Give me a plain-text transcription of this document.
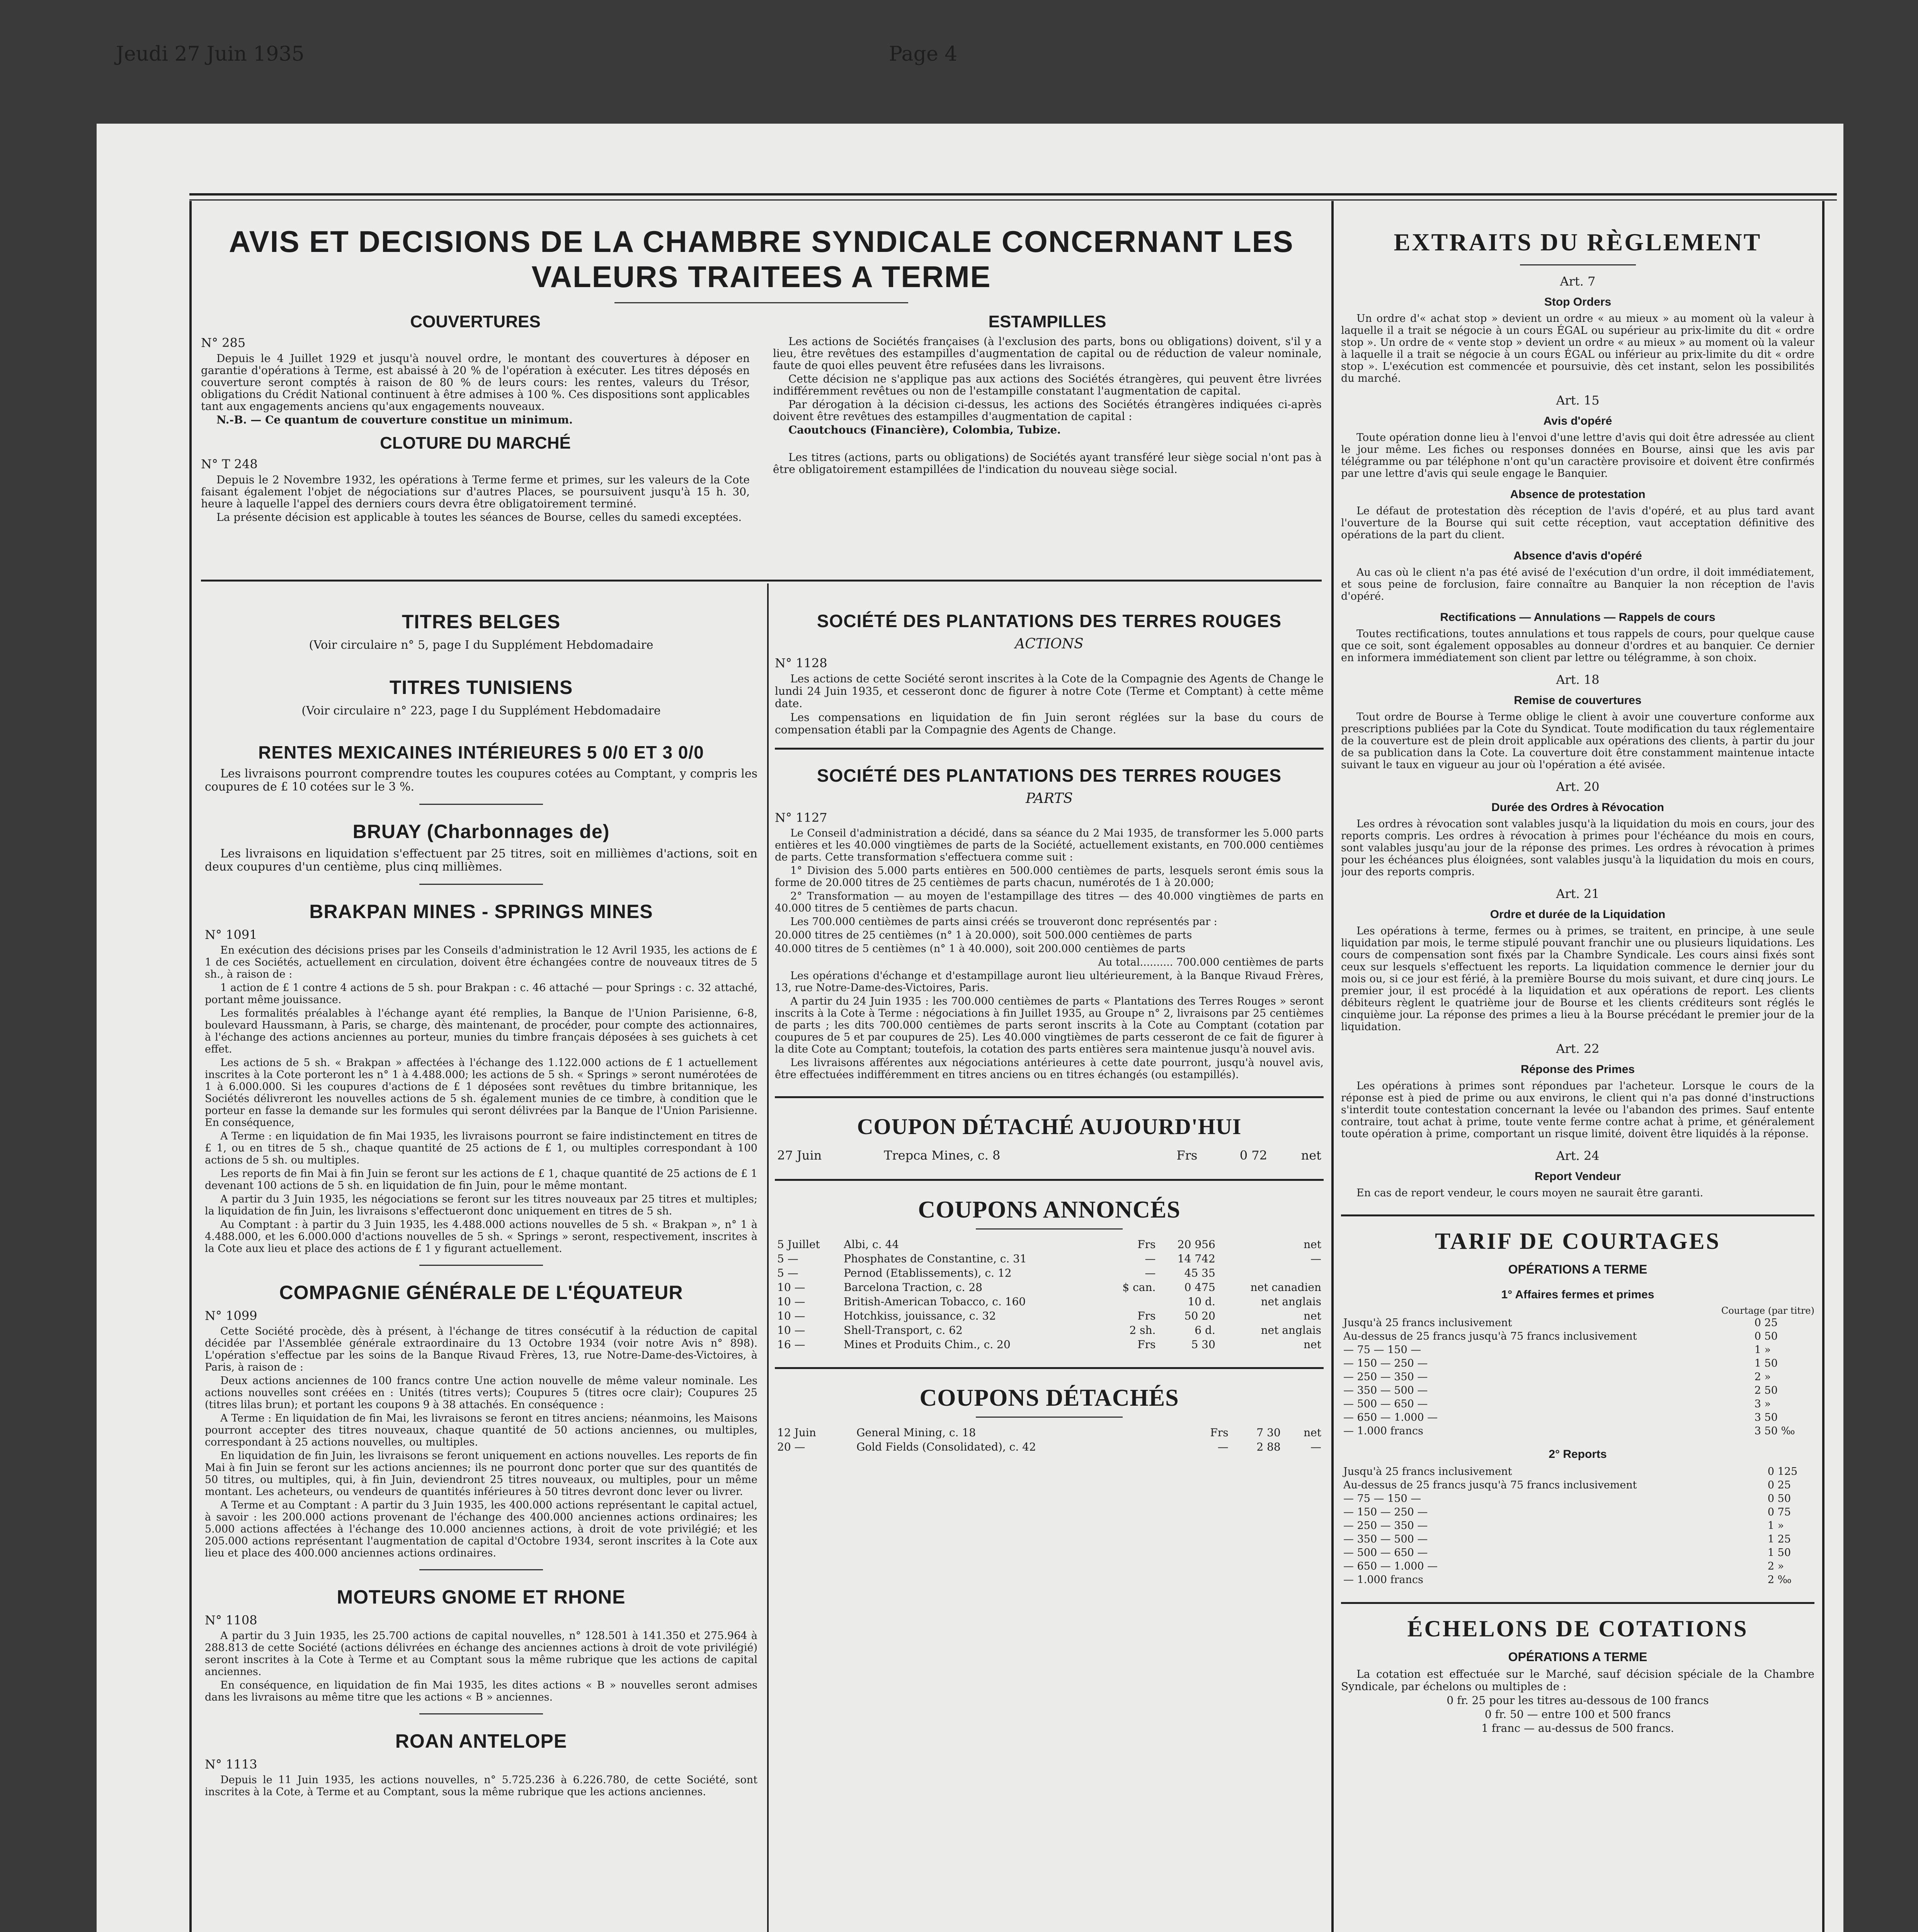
Jeudi 27 Juin 1935	Page 4
AVIS ET DECISIONS DE LA CHAMBRE SYNDICALE CONCERNANT LES VALEURS TRAITEES A TERME
COUVERTURES
N° 285
Depuis le 4 Juillet 1929 et jusqu'à nouvel ordre, le montant des couvertures à déposer en garantie d'opérations à Terme, est abaissé à 20 % de l'opération à exécuter. Les titres déposés en couverture seront comptés à raison de 80 % de leurs cours: les rentes, valeurs du Trésor, obligations du Crédit National continuent à être admises à 100 %. Ces dispositions sont applicables tant aux engagements anciens qu'aux engagements nouveaux.
N.-B. — Ce quantum de couverture constitue un minimum.
CLOTURE DU MARCHÉ
N° T 248
Depuis le 2 Novembre 1932, les opérations à Terme ferme et primes, sur les valeurs de la Cote faisant également l'objet de négociations sur d'autres Places, se poursuivent jusqu'à 15 h. 30, heure à laquelle l'appel des derniers cours devra être obligatoirement terminé.
La présente décision est applicable à toutes les séances de Bourse, celles du samedi exceptées.
ESTAMPILLES
Les actions de Sociétés françaises (à l'exclusion des parts, bons ou obligations) doivent, s'il y a lieu, être revêtues des estampilles d'augmentation de capital ou de réduction de valeur nominale, faute de quoi elles peuvent être refusées dans les livraisons.
Cette décision ne s'applique pas aux actions des Sociétés étrangères, qui peuvent être livrées indifféremment revêtues ou non de l'estampille constatant l'augmentation de capital.
Par dérogation à la décision ci-dessus, les actions des Sociétés étrangères indiquées ci-après doivent être revêtues des estampilles d'augmentation de capital :
Caoutchoucs (Financière), Colombia, Tubize.
Les titres (actions, parts ou obligations) de Sociétés ayant transféré leur siège social n'ont pas à être obligatoirement estampillées de l'indication du nouveau siège social.
TITRES BELGES
(Voir circulaire n° 5, page I du Supplément Hebdomadaire
TITRES TUNISIENS
(Voir circulaire n° 223, page I du Supplément Hebdomadaire
RENTES MEXICAINES INTÉRIEURES 5 0/0 ET 3 0/0
Les livraisons pourront comprendre toutes les coupures cotées au Comptant, y compris les coupures de £ 10 cotées sur le 3 %.
BRUAY (Charbonnages de)
Les livraisons en liquidation s'effectuent par 25 titres, soit en millièmes d'actions, soit en deux coupures d'un centième, plus cinq millièmes.
BRAKPAN MINES - SPRINGS MINES
N° 1091
En exécution des décisions prises par les Conseils d'administration le 12 Avril 1935, les actions de £ 1 de ces Sociétés, actuellement en circulation, doivent être échangées contre de nouveaux titres de 5 sh., à raison de :
1 action de £ 1 contre 4 actions de 5 sh. pour Brakpan : c. 46 attaché — pour Springs : c. 32 attaché, portant même jouissance.
Les formalités préalables à l'échange ayant été remplies, la Banque de l'Union Parisienne, 6-8, boulevard Haussmann, à Paris, se charge, dès maintenant, de procéder, pour compte des actionnaires, à l'échange des actions anciennes au porteur, munies du timbre français déposées à ses guichets à cet effet.
Les actions de 5 sh. « Brakpan » affectées à l'échange des 1.122.000 actions de £ 1 actuellement inscrites à la Cote porteront les n° 1 à 4.488.000; les actions de 5 sh. « Springs » seront numérotées de 1 à 6.000.000. Si les coupures d'actions de £ 1 déposées sont revêtues du timbre britannique, les Sociétés délivreront les nouvelles actions de 5 sh. également munies de ce timbre, à condition que le porteur en fasse la demande sur les formules qui seront délivrées par la Banque de l'Union Parisienne. En conséquence,
A Terme : en liquidation de fin Mai 1935, les livraisons pourront se faire indistinctement en titres de £ 1, ou en titres de 5 sh., chaque quantité de 25 actions de £ 1, ou multiples correspondant à 100 actions de 5 sh. ou multiples.
Les reports de fin Mai à fin Juin se feront sur les actions de £ 1, chaque quantité de 25 actions de £ 1 devenant 100 actions de 5 sh. en liquidation de fin Juin, pour le même montant.
A partir du 3 Juin 1935, les négociations se feront sur les titres nouveaux par 25 titres et multiples; la liquidation de fin Juin, les livraisons s'effectueront donc uniquement en titres de 5 sh.
Au Comptant : à partir du 3 Juin 1935, les 4.488.000 actions nouvelles de 5 sh. « Brakpan », n° 1 à 4.488.000, et les 6.000.000 d'actions nouvelles de 5 sh. « Springs » seront, respectivement, inscrites à la Cote aux lieu et place des actions de £ 1 y figurant actuellement.
COMPAGNIE GÉNÉRALE DE L'ÉQUATEUR
N° 1099
Cette Société procède, dès à présent, à l'échange de titres consécutif à la réduction de capital décidée par l'Assemblée générale extraordinaire du 13 Octobre 1934 (voir notre Avis n° 898). L'opération s'effectue par les soins de la Banque Rivaud Frères, 13, rue Notre-Dame-des-Victoires, à Paris, à raison de :
Deux actions anciennes de 100 francs contre Une action nouvelle de même valeur nominale. Les actions nouvelles sont créées en : Unités (titres verts); Coupures 5 (titres ocre clair); Coupures 25 (titres lilas brun); et portant les coupons 9 à 38 attachés. En conséquence :
A Terme : En liquidation de fin Mai, les livraisons se feront en titres anciens; néanmoins, les Maisons pourront accepter des titres nouveaux, chaque quantité de 50 actions anciennes, ou multiples, correspondant à 25 actions nouvelles, ou multiples.
En liquidation de fin Juin, les livraisons se feront uniquement en actions nouvelles. Les reports de fin Mai à fin Juin se feront sur les actions anciennes; ils ne pourront donc porter que sur des quantités de 50 titres, ou multiples, qui, à fin Juin, deviendront 25 titres nouveaux, ou multiples, pour un même montant. Les acheteurs, ou vendeurs de quantités inférieures à 50 titres devront donc lever ou livrer.
A Terme et au Comptant : A partir du 3 Juin 1935, les 400.000 actions représentant le capital actuel, à savoir : les 200.000 actions provenant de l'échange des 400.000 anciennes actions ordinaires; les 5.000 actions affectées à l'échange des 10.000 anciennes actions, à droit de vote privilégié; et les 205.000 actions représentant l'augmentation de capital d'Octobre 1934, seront inscrites à la Cote aux lieu et place des 400.000 anciennes actions ordinaires.
MOTEURS GNOME ET RHONE
N° 1108
A partir du 3 Juin 1935, les 25.700 actions de capital nouvelles, n° 128.501 à 141.350 et 275.964 à 288.813 de cette Société (actions délivrées en échange des anciennes actions à droit de vote privilégié) seront inscrites à la Cote à Terme et au Comptant sous la même rubrique que les actions de capital anciennes.
En conséquence, en liquidation de fin Mai 1935, les dites actions « B » nouvelles seront admises dans les livraisons au même titre que les actions « B » anciennes.
ROAN ANTELOPE
N° 1113
Depuis le 11 Juin 1935, les actions nouvelles, n° 5.725.236 à 6.226.780, de cette Société, sont inscrites à la Cote, à Terme et au Comptant, sous la même rubrique que les actions anciennes.
SOCIÉTÉ DES PLANTATIONS DES TERRES ROUGES
ACTIONS
N° 1128
Les actions de cette Société seront inscrites à la Cote de la Compagnie des Agents de Change le lundi 24 Juin 1935, et cesseront donc de figurer à notre Cote (Terme et Comptant) à cette même date.
Les compensations en liquidation de fin Juin seront réglées sur la base du cours de compensation établi par la Compagnie des Agents de Change.
SOCIÉTÉ DES PLANTATIONS DES TERRES ROUGES
PARTS
N° 1127
Le Conseil d'administration a décidé, dans sa séance du 2 Mai 1935, de transformer les 5.000 parts entières et les 40.000 vingtièmes de parts de la Société, actuellement existants, en 700.000 centièmes de parts. Cette transformation s'effectuera comme suit :
1° Division des 5.000 parts entières en 500.000 centièmes de parts, lesquels seront émis sous la forme de 20.000 titres de 25 centièmes de parts chacun, numérotés de 1 à 20.000;
2° Transformation — au moyen de l'estampillage des titres — des 40.000 vingtièmes de parts en 40.000 titres de 5 centièmes de parts chacun.
Les 700.000 centièmes de parts ainsi créés se trouveront donc représentés par :
20.000 titres de 25 centièmes (n° 1 à 20.000), soit 500.000 centièmes de parts
40.000 titres de 5 centièmes (n° 1 à 40.000), soit 200.000 centièmes de parts
Au total.......... 700.000 centièmes de parts
Les opérations d'échange et d'estampillage auront lieu ultérieurement, à la Banque Rivaud Frères, 13, rue Notre-Dame-des-Victoires, Paris.
A partir du 24 Juin 1935 : les 700.000 centièmes de parts « Plantations des Terres Rouges » seront inscrits à la Cote à Terme : négociations à fin Juillet 1935, au Groupe n° 2, livraisons par 25 centièmes de parts ; les dits 700.000 centièmes de parts seront inscrits à la Cote au Comptant (cotation par coupures de 5 et par coupures de 25). Les 40.000 vingtièmes de parts cesseront de ce fait de figurer à la dite Cote au Comptant; toutefois, la cotation des parts entières sera maintenue jusqu'à nouvel avis.
Les livraisons afférentes aux négociations antérieures à cette date pourront, jusqu'à nouvel avis, être effectuées indifféremment en titres anciens ou en titres échangés (ou estampillés).
COUPON DÉTACHÉ AUJOURD'HUI
27 Juin	Trepca Mines, c. 8	Frs	0 72	net
COUPONS ANNONCÉS
5 Juillet	Albi, c. 44	Frs	20 956	net
5 —	Phosphates de Constantine, c. 31	—	14 742	—
5 —	Pernod (Etablissements), c. 12	—	45 35	
10 —	Barcelona Traction, c. 28	$ can.	0 475	net canadien
10 —	British-American Tobacco, c. 160		10 d.	net anglais
10 —	Hotchkiss, jouissance, c. 32	Frs	50 20	net
10 —	Shell-Transport, c. 62	2 sh.	6 d.	net anglais
16 —	Mines et Produits Chim., c. 20	Frs	5 30	net
COUPONS DÉTACHÉS
12 Juin	General Mining, c. 18	Frs	7 30	net
20 —	Gold Fields (Consolidated), c. 42	—	2 88	—
EXTRAITS DU RÈGLEMENT
Art. 7
Stop Orders
Un ordre d'« achat stop » devient un ordre « au mieux » au moment où la valeur à laquelle il a trait se négocie à un cours ÉGAL ou supérieur au prix-limite du dit « ordre stop ». Un ordre de « vente stop » devient un ordre « au mieux » au moment où la valeur à laquelle il a trait se négocie à un cours ÉGAL ou inférieur au prix-limite du dit « ordre stop ». L'exécution est commencée et poursuivie, dès cet instant, selon les possibilités du marché.
Art. 15
Avis d'opéré
Toute opération donne lieu à l'envoi d'une lettre d'avis qui doit être adressée au client le jour même. Les fiches ou responses données en Bourse, ainsi que les avis par télégramme ou par téléphone n'ont qu'un caractère provisoire et doivent être confirmés par une lettre d'avis qui seule engage le Banquier.
Absence de protestation
Le défaut de protestation dès réception de l'avis d'opéré, et au plus tard avant l'ouverture de la Bourse qui suit cette réception, vaut acceptation définitive des opérations de la part du client.
Absence d'avis d'opéré
Au cas où le client n'a pas été avisé de l'exécution d'un ordre, il doit immédiatement, et sous peine de forclusion, faire connaître au Banquier la non réception de l'avis d'opéré.
Rectifications — Annulations — Rappels de cours
Toutes rectifications, toutes annulations et tous rappels de cours, pour quelque cause que ce soit, sont également opposables au donneur d'ordres et au banquier. Ce dernier en informera immédiatement son client par lettre ou télégramme, à son choix.
Art. 18
Remise de couvertures
Tout ordre de Bourse à Terme oblige le client à avoir une couverture conforme aux prescriptions publiées par la Cote du Syndicat. Toute modification du taux réglementaire de la couverture est de plein droit applicable aux opérations des clients, à partir du jour de sa publication dans la Cote. La couverture doit être constamment maintenue intacte suivant le taux en vigueur au jour où l'opération a été avisée.
Art. 20
Durée des Ordres à Révocation
Les ordres à révocation sont valables jusqu'à la liquidation du mois en cours, jour des reports compris. Les ordres à révocation à primes pour l'échéance du mois en cours, sont valables jusqu'au jour de la réponse des primes. Les ordres à révocation à primes pour les échéances plus éloignées, sont valables jusqu'à la liquidation du mois en cours, jour des reports compris.
Art. 21
Ordre et durée de la Liquidation
Les opérations à terme, fermes ou à primes, se traitent, en principe, à une seule liquidation par mois, le terme stipulé pouvant franchir une ou plusieurs liquidations. Les cours de compensation sont fixés par la Chambre Syndicale. Les cours ainsi fixés sont ceux sur lesquels s'effectuent les reports. La liquidation commence le dernier jour du mois ou, si ce jour est férié, à la première Bourse du mois suivant, et dure cinq jours. Le premier jour, il est procédé à la liquidation et aux opérations de report. Les clients débiteurs règlent le quatrième jour de Bourse et les clients créditeurs sont réglés le cinquième jour. La réponse des primes a lieu à la Bourse précédant le premier jour de la liquidation.
Art. 22
Réponse des Primes
Les opérations à primes sont répondues par l'acheteur. Lorsque le cours de la réponse est à pied de prime ou aux environs, le client qui n'a pas donné d'instructions s'interdit toute contestation concernant la levée ou l'abandon des primes. Sauf entente contraire, tout achat à prime, toute vente ferme contre achat à prime, et généralement toute opération à prime, comportant un risque limité, doivent être liquidés à la réponse.
Art. 24
Report Vendeur
En cas de report vendeur, le cours moyen ne saurait être garanti.
TARIF DE COURTAGES
OPÉRATIONS A TERME
1° Affaires fermes et primes
Courtage (par titre)
Jusqu'à 25 francs inclusivement	0 25
Au-dessus de 25 francs jusqu'à 75 francs inclusivement	0 50
— 75 — 150 —	1 »
— 150 — 250 —	1 50
— 250 — 350 —	2 »
— 350 — 500 —	2 50
— 500 — 650 —	3 »
— 650 — 1.000 —	3 50
— 1.000 francs	3 50 ‰
2° Reports
Jusqu'à 25 francs inclusivement	0 125
Au-dessus de 25 francs jusqu'à 75 francs inclusivement	0 25
— 75 — 150 —	0 50
— 150 — 250 —	0 75
— 250 — 350 —	1 »
— 350 — 500 —	1 25
— 500 — 650 —	1 50
— 650 — 1.000 —	2 »
— 1.000 francs	2 ‰
ÉCHELONS DE COTATIONS
OPÉRATIONS A TERME
La cotation est effectuée sur le Marché, sauf décision spéciale de la Chambre Syndicale, par échelons ou multiples de :
0 fr. 25 pour les titres au-dessous de 100 francs
0 fr. 50 — entre 100 et 500 francs
1 franc — au-dessus de 500 francs.
